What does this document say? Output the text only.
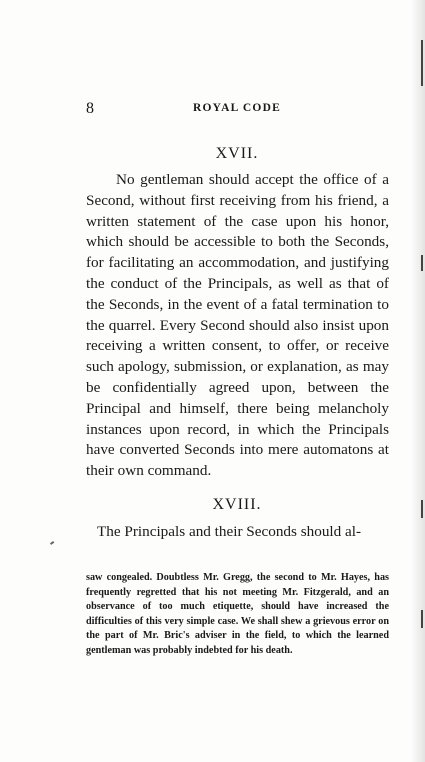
8	ROYAL CODE
XVII.

No gentleman should accept the office of a Second, without first receiving from his friend, a written statement of the case upon his honor, which should be accessible to both the Seconds, for facilitating an accommodation, and justifying the conduct of the Principals, as well as that of the Seconds, in the event of a fatal termination to the quarrel. Every Second should also insist upon receiving a written consent, to offer, or receive such apology, submission, or explanation, as may be confidentially agreed upon, between the Principal and himself, there being melancholy instances upon record, in which the Principals have converted Seconds into mere automatons at their own command.

XVIII.

The Principals and their Seconds should al-

saw congealed. Doubtless Mr. Gregg, the second to Mr. Hayes, has frequently regretted that his not meeting Mr. Fitzgerald, and an observance of too much etiquette, should have increased the difficulties of this very simple case. We shall shew a grievous error on the part of Mr. Bric's adviser in the field, to which the learned gentleman was probably indebted for his death.
